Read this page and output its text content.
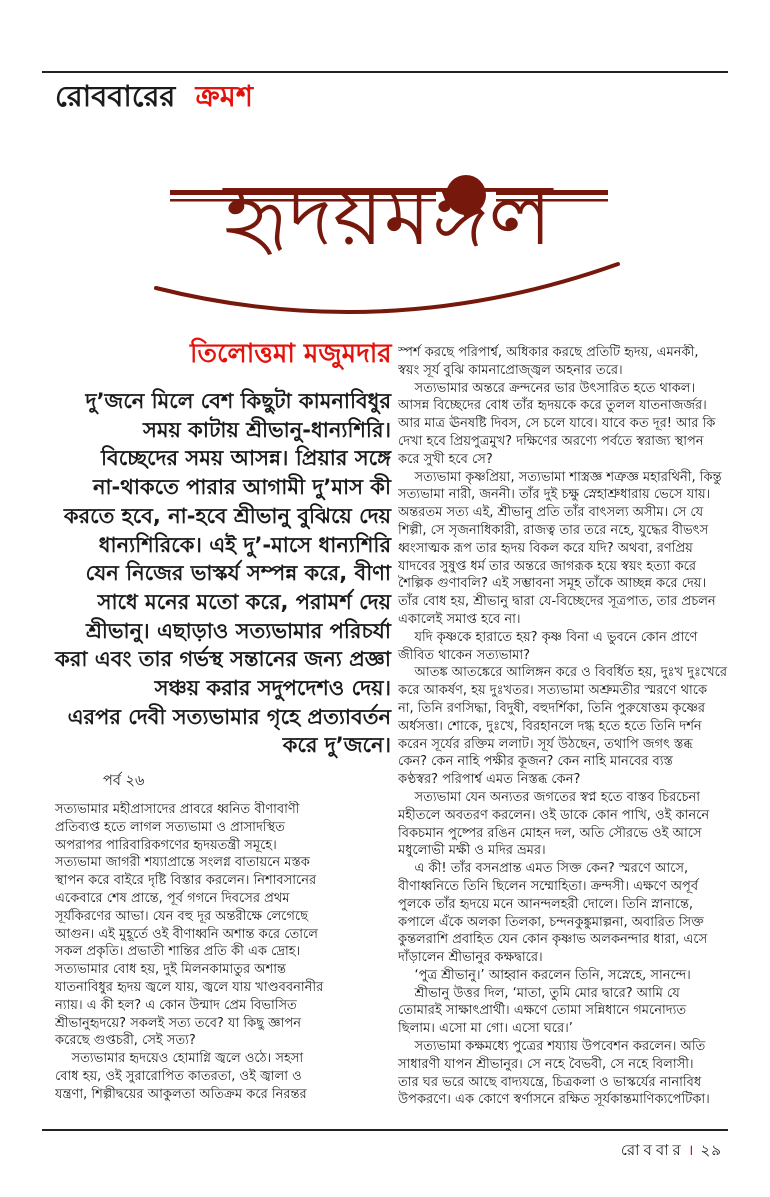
রোববারের ক্রমশ
হৃদয়মঙ্গল
তিলোত্তমা মজুমদার
দু’জনে মিলে বেশ কিছুটা কামনাবিধুর
সময় কাটায় শ্রীভানু-ধান্যশিরি।
বিচ্ছেদের সময় আসন্ন। প্রিয়ার সঙ্গে
না-থাকতে পারার আগামী দু’মাস কী
করতে হবে, না-হবে শ্রীভানু বুঝিয়ে দেয়
ধান্যশিরিকে। এই দু’-মাসে ধান্যশিরি
যেন নিজের ভাস্কর্য সম্পন্ন করে, বীণা
সাধে মনের মতো করে, পরামর্শ দেয়
শ্রীভানু। এছাড়াও সত্যভামার পরিচর্যা
করা এবং তার গর্ভস্থ সন্তানের জন্য প্রজ্ঞা
সঞ্চয় করার সদুপদেশও দেয়।
এরপর দেবী সত্যভামার গৃহে প্রত্যাবর্তন
করে দু’জনে।
পর্ব ২৬
সত্যভামার মহীপ্রাসাদের প্রাবরে ধ্বনিত বীণাবাণী
প্রতিব্যপ্ত হতে লাগল সত্যভামা ও প্রাসাদস্থিত
অপরাপর পারিবারিকগণের হৃদয়তন্ত্রী সমূহে।
সত্যভামা জাগরী শয্যাপ্রান্তে সংলগ্ন বাতায়নে মস্তক
স্থাপন করে বাইরে দৃষ্টি বিস্তার করলেন। নিশাবসানের
একেবারে শেষ প্রান্তে, পূর্ব গগনে দিবসের প্রথম
সূর্যকিরণের আভা। যেন বহু দূর অন্তরীক্ষে লেগেছে
আগুন। এই মুহূর্তে ওই বীণাধ্বনি অশান্ত করে তোলে
সকল প্রকৃতি। প্রভাতী শান্তির প্রতি কী এক দ্রোহ।
সত্যভামার বোধ হয়, দুই মিলনকামাতুর অশান্ত
যাতনাবিধুর হৃদয় জ্বলে যায়, জ্বলে যায় খাণ্ডববনানীর
ন্যায়। এ কী হল? এ কোন উন্মাদ প্রেম বিভাসিত
শ্রীভানুহৃদয়ে? সকলই সত্য তবে? যা কিছু জ্ঞাপন
করেছে গুপ্তচরী, সেই সত্য?
সত্যভামার হৃদয়েও হোমাগ্নি জ্বলে ওঠে। সহসা
বোধ হয়, ওই সুরারোপিত কাতরতা, ওই জ্বালা ও
যন্ত্রণা, শিল্পীদ্বয়ের আকুলতা অতিক্রম করে নিরন্তর
স্পর্শ করছে পরিপার্শ্ব, অধিকার করছে প্রতিটি হৃদয়, এমনকী,
স্বয়ং সূর্য বুঝি কামনাপ্রোজ্জ্বল অহনার তরে।
সত্যভামার অন্তরে ক্রন্দনের ভার উৎসারিত হতে থাকল।
আসন্ন বিচ্ছেদের বোধ তাঁর হৃদয়কে করে তুলল যাতনাজর্জর।
আর মাত্র ঊনষষ্টি দিবস, সে চলে যাবে। যাবে কত দূর! আর কি
দেখা হবে প্রিয়পুত্রমুখ? দক্ষিণের অরণ্যে পর্বতে স্বরাজ্য স্থাপন
করে সুখী হবে সে?
সত্যভামা কৃষ্ণপ্রিয়া, সত্যভামা শাস্ত্রজ্ঞ শত্রুজ্ঞ মহারথিনী, কিন্তু
সত্যভামা নারী, জননী। তাঁর দুই চক্ষু স্নেহাশ্রুধারায় ভেসে যায়।
অন্তরতম সত্য এই, শ্রীভানু প্রতি তাঁর বাৎসল্য অসীম। সে যে
শিল্পী, সে সৃজনাধিকারী, রাজত্ব তার তরে নহে, যুদ্ধের বীভৎস
ধ্বংসাত্মক রূপ তার হৃদয় বিকল করে যদি? অথবা, রণপ্রিয়
যাদবের সুষুপ্ত ধর্ম তার অন্তরে জাগরূক হয়ে স্বয়ং হত্যা করে
শৈল্পিক গুণাবলি? এই সম্ভাবনা সমূহ তাঁকে আচ্ছন্ন করে দেয়।
তাঁর বোধ হয়, শ্রীভানু দ্বারা যে-বিচ্ছেদের সূত্রপাত, তার প্রচলন
একালেই সমাপ্ত হবে না।
যদি কৃষ্ণকে হারাতে হয়? কৃষ্ণ বিনা এ ভুবনে কোন প্রাণে
জীবিত থাকেন সত্যভামা?
আতঙ্ক আতঙ্কেরে আলিঙ্গন করে ও বিবর্ধিত হয়, দুঃখ দুঃখেরে
করে আকর্ষণ, হয় দুঃখতর। সত্যভামা অশ্রুমতীর স্মরণে থাকে
না, তিনি রণসিদ্ধা, বিদুষী, বহুদর্শিকা, তিনি পুরুষোত্তম কৃষ্ণের
অর্ধসত্তা। শোকে, দুঃখে, বিরহানলে দগ্ধ হতে হতে তিনি দর্শন
করেন সূর্যের রক্তিম ললাট। সূর্য উঠছেন, তথাপি জগৎ স্তব্ধ
কেন? কেন নাহি পক্ষীর কূজন? কেন নাহি মানবের ব্যস্ত
কণ্ঠস্বর? পরিপার্শ্ব এমত নিস্তব্ধ কেন?
সত্যভামা যেন অন্যতর জগতের স্বপ্ন হতে বাস্তব চিরচেনা
মহীতলে অবতরণ করলেন। ওই ডাকে কোন পাখি, ওই কাননে
বিকচমান পুষ্পের রঙিন মোহন দল, অতি সৌরভে ওই আসে
মধুলোভী মক্ষী ও মদির ভ্রমর।
এ কী! তাঁর বসনপ্রান্ত এমত সিক্ত কেন? স্মরণে আসে,
বীণাধ্বনিতে তিনি ছিলেন সম্মোহিতা। ক্রন্দসী। এক্ষণে অপূর্ব
পুলকে তাঁর হৃদয়ে মনে আনন্দলহরী দোলে। তিনি স্নানান্তে,
কপালে এঁকে অলকা তিলকা, চন্দনকুঙ্কুমাল্পনা, অবারিত সিক্ত
কুন্তলরাশি প্রবাহিত যেন কোন কৃষ্ণাভ অলকনন্দার ধারা, এসে
দাঁড়ালেন শ্রীভানুর কক্ষদ্বারে।
‘পুত্র শ্রীভানু।’ আহ্বান করলেন তিনি, সস্নেহে, সানন্দে।
শ্রীভানু উত্তর দিল, ‘মাতা, তুমি মোর দ্বারে? আমি যে
তোমারই সাক্ষাৎপ্রার্থী। এক্ষণে তোমা সন্নিধানে গমনোদ্যত
ছিলাম। এসো মা গো। এসো ঘরে।’
সত্যভামা কক্ষমধ্যে পুত্রের শয্যায় উপবেশন করলেন। অতি
সাধারণী যাপন শ্রীভানুর। সে নহে বৈভবী, সে নহে বিলাসী।
তার ঘর ভরে আছে বাদ্যযন্ত্রে, চিত্রকলা ও ভাস্কর্যের নানাবিধ
উপকরণে। এক কোণে স্বর্ণাসনে রক্ষিত সূর্যকান্তমাণিক্যপেটিকা।
রোববার । ২৯
